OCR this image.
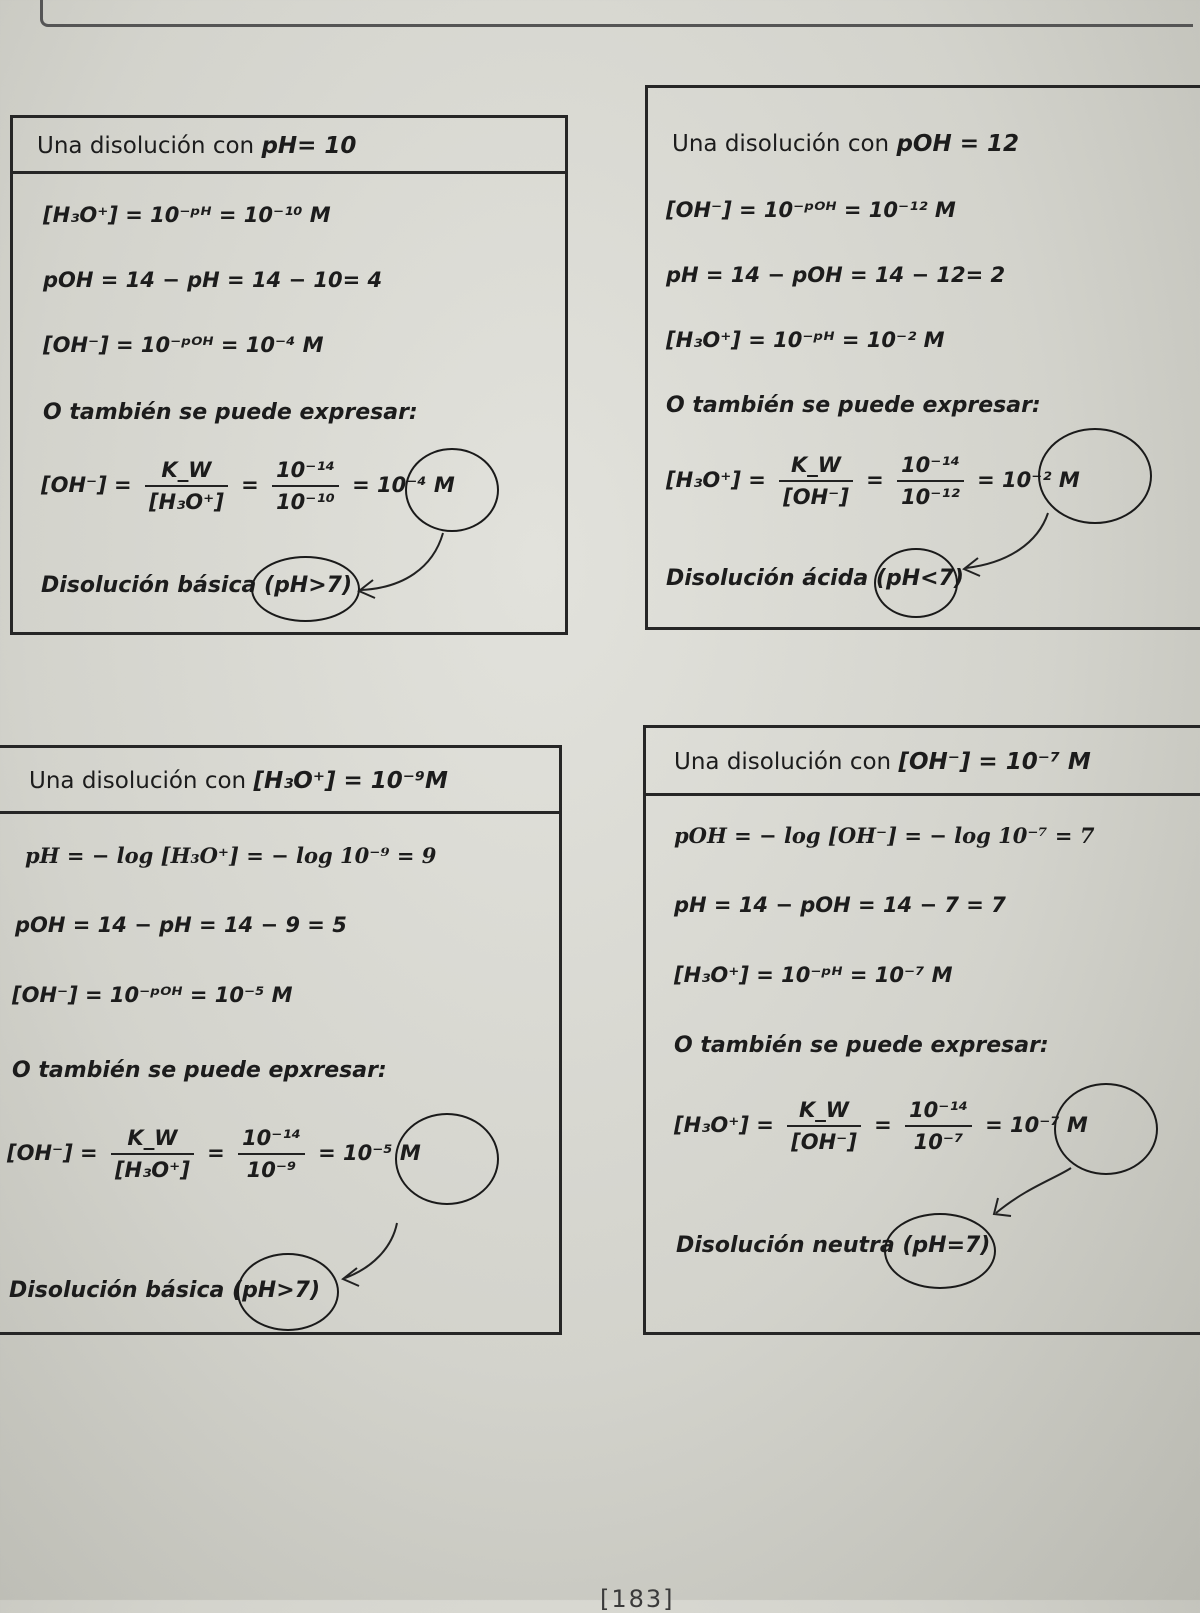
Una disolución con pH= 10
[H₃O⁺] = 10⁻ᵖᴴ = 10⁻¹⁰ M
pOH = 14 − pH = 14 − 10= 4
[OH⁻] = 10⁻ᵖᴼᴴ = 10⁻⁴ M
O también se puede expresar:
$[OH^-] = \frac{K\_W}{\text{[H₃O⁺]}} = \frac{\text{10⁻¹⁴}}{\text{10⁻¹⁰}} = 10^{-4}$ M
Disolución básica (pH>7)
Una disolución con pOH = 12
[OH⁻] = 10⁻ᵖᴼᴴ = 10⁻¹² M
pH = 14 − pOH = 14 − 12= 2
[H₃O⁺] = 10⁻ᵖᴴ = 10⁻² M
O también se puede expresar:
$[H_3O^+] = \frac{K\_W}{[OH^-]} = \frac{\text{10⁻¹⁴}}{\text{10⁻¹²}} = 10^{-2}$ M
Disolución ácida (pH<7)
Una disolución con [H₃O⁺] = 10⁻⁹M
pH = − log [H₃O⁺] = − log 10⁻⁹ = 9
pOH = 14 − pH = 14 − 9 = 5
[OH⁻] = 10⁻ᵖᴼᴴ = 10⁻⁵ M
O también se puede epxresar:
$[OH^-] = \frac{K\_W}{\text{[H₃O⁺]}} = \frac{\text{10⁻¹⁴}}{\text{10⁻⁹}} = 10^{-5}$ M
Disolución básica (pH>7)
Una disolución con [OH⁻] = 10⁻⁷ M
pOH = − log [OH⁻] = − log 10⁻⁷ = 7
pH = 14 − pOH = 14 − 7 = 7
[H₃O⁺] = 10⁻ᵖᴴ = 10⁻⁷ M
O también se puede expresar:
$[H_3O^+] = \frac{K\_W}{[OH^-]} = \frac{\text{10⁻¹⁴}}{\text{10⁻⁷}} = 10^{-7}$ M
Disolución neutra (pH=7)
[183]
